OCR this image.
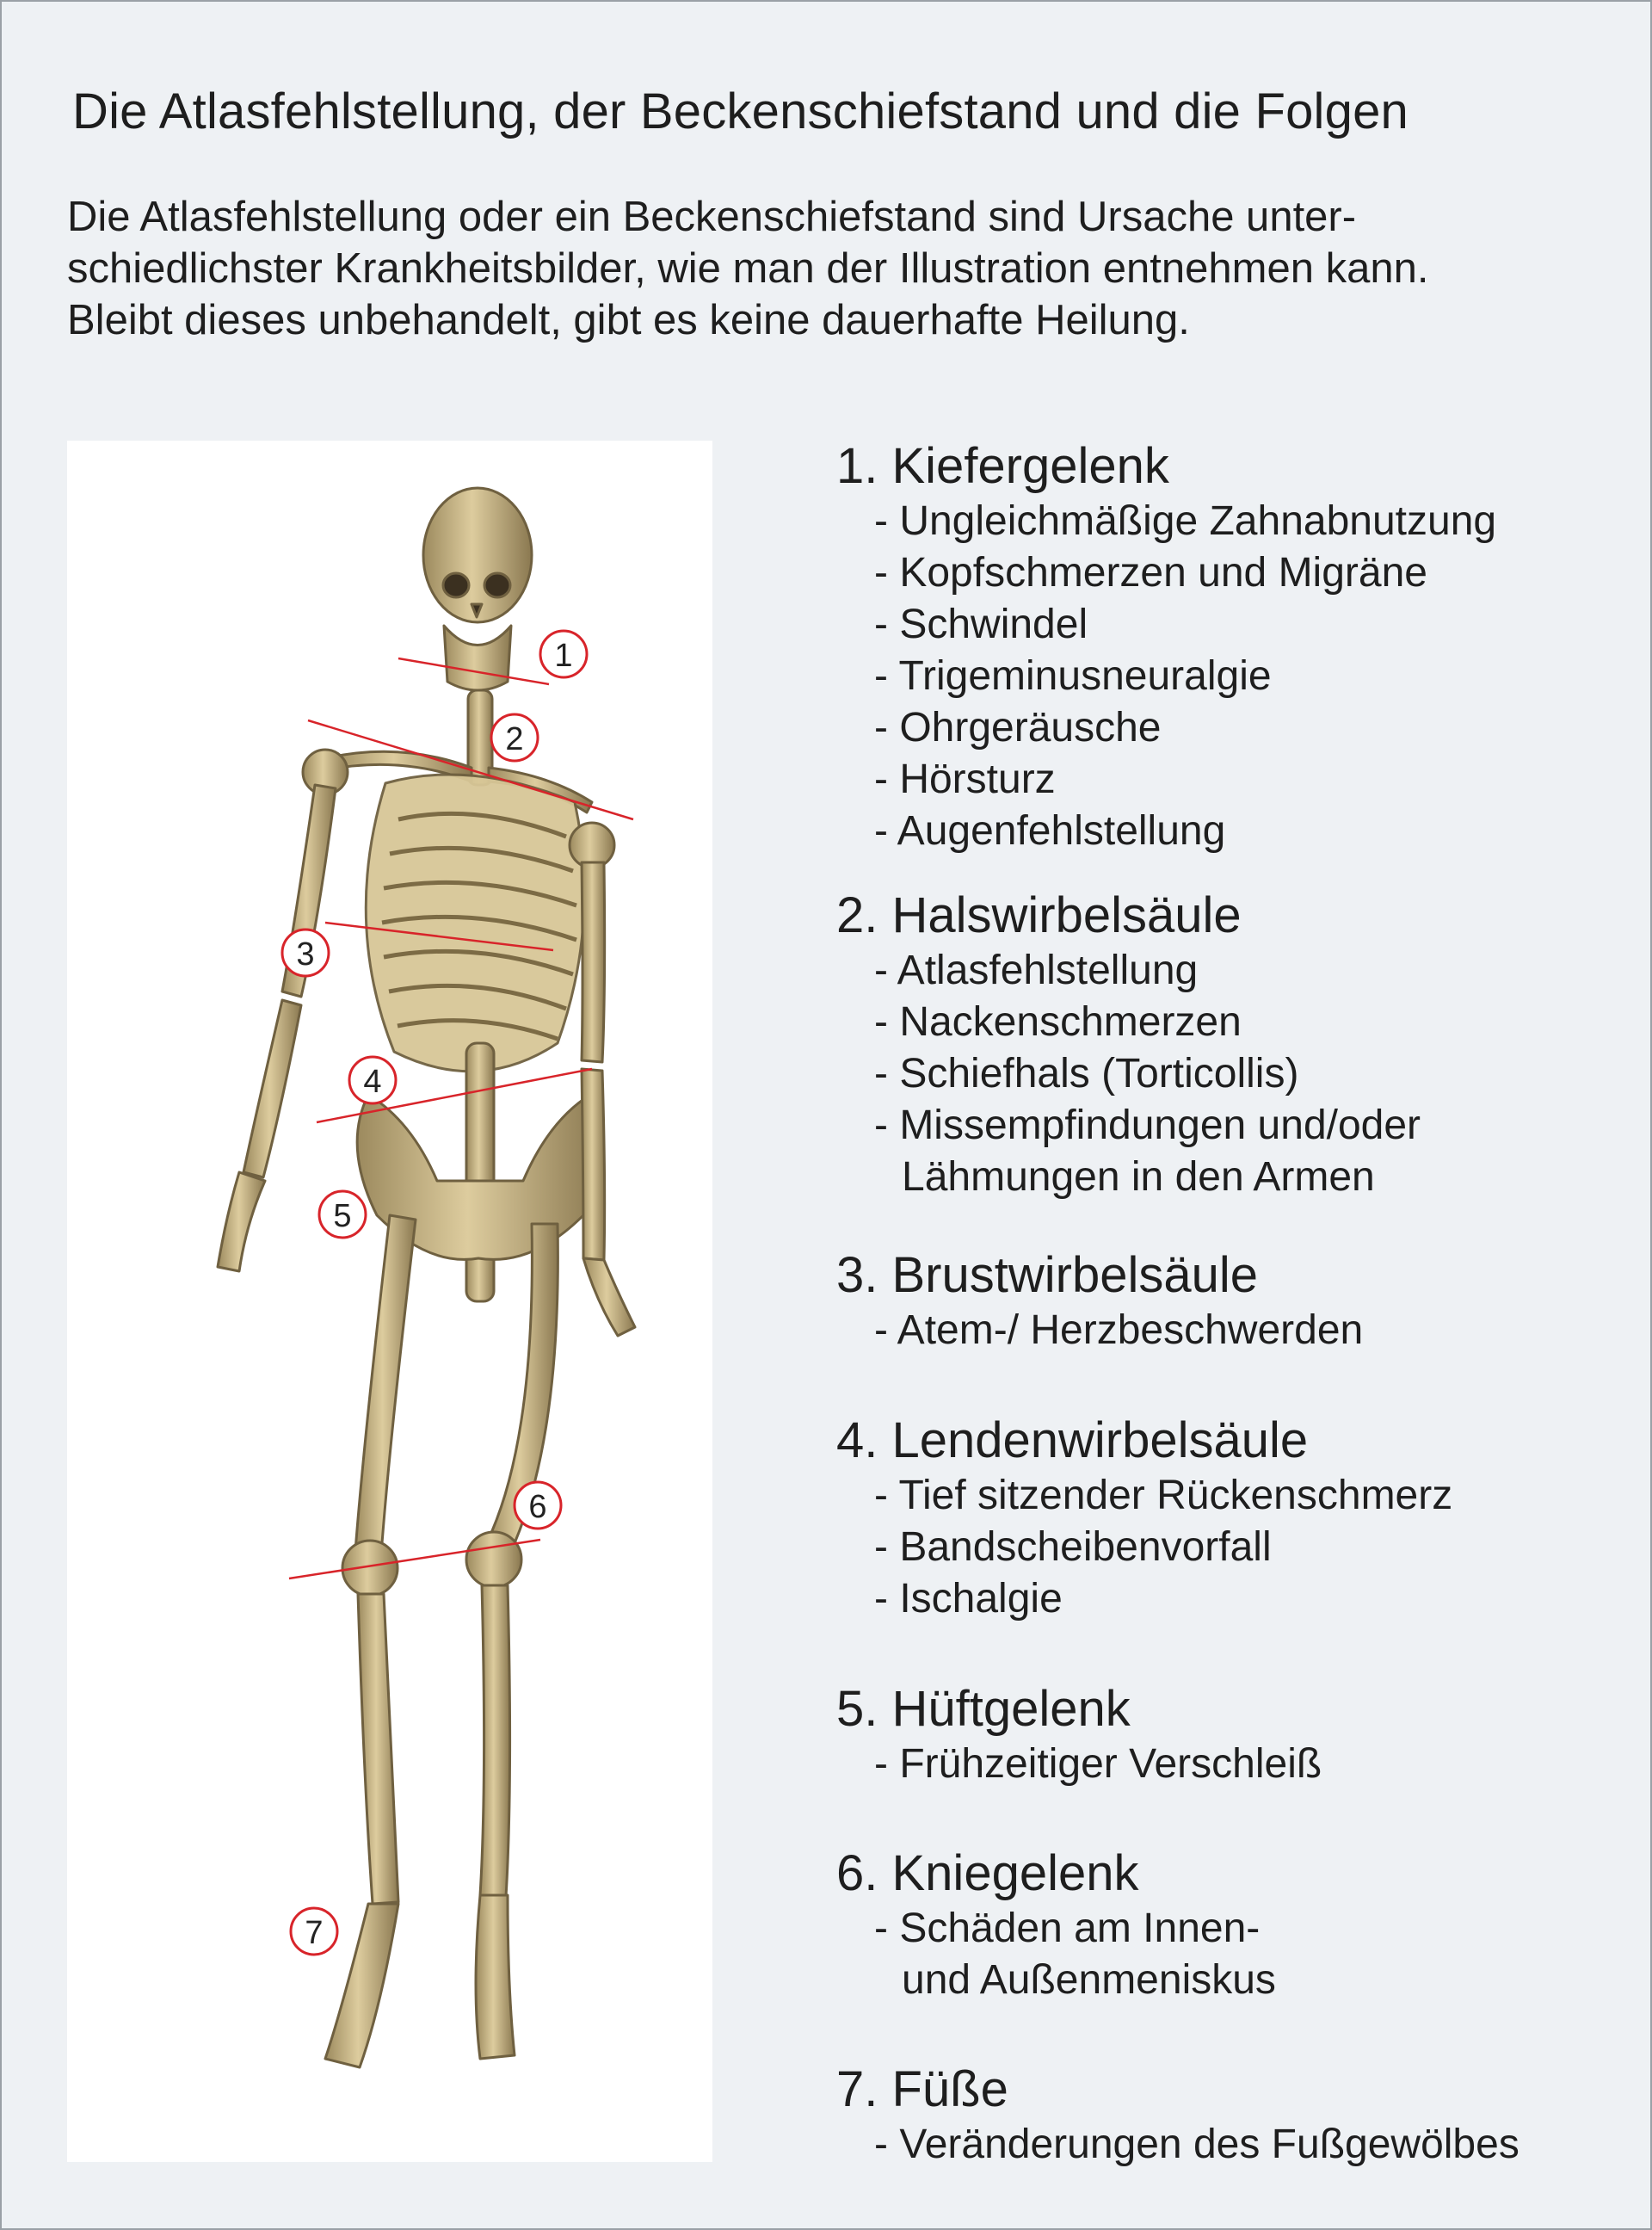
Die Atlasfehlstellung, der Beckenschiefstand und die Folgen
Die Atlasfehlstellung oder ein Beckenschiefstand sind Ursache unter-
schiedlichster Krankheitsbilder, wie man der Illustration entnehmen kann.
Bleibt dieses unbehandelt, gibt es keine dauerhafte Heilung.
1
2
3
4
5
6
7
1. Kiefergelenk
- Ungleichmäßige Zahnabnutzung
- Kopfschmerzen und Migräne
- Schwindel
- Trigeminusneuralgie
- Ohrgeräusche
- Hörsturz
- Augenfehlstellung
2. Halswirbelsäule
- Atlasfehlstellung
- Nackenschmerzen
- Schiefhals (Torticollis)
- Missempfindungen und/oder
Lähmungen in den Armen
3. Brustwirbelsäule
- Atem-/ Herzbeschwerden
4. Lendenwirbelsäule
- Tief sitzender Rückenschmerz
- Bandscheibenvorfall
- Ischalgie
5. Hüftgelenk
- Frühzeitiger Verschleiß
6. Kniegelenk
- Schäden am Innen-
und Außenmeniskus
7. Füße
- Veränderungen des Fußgewölbes
